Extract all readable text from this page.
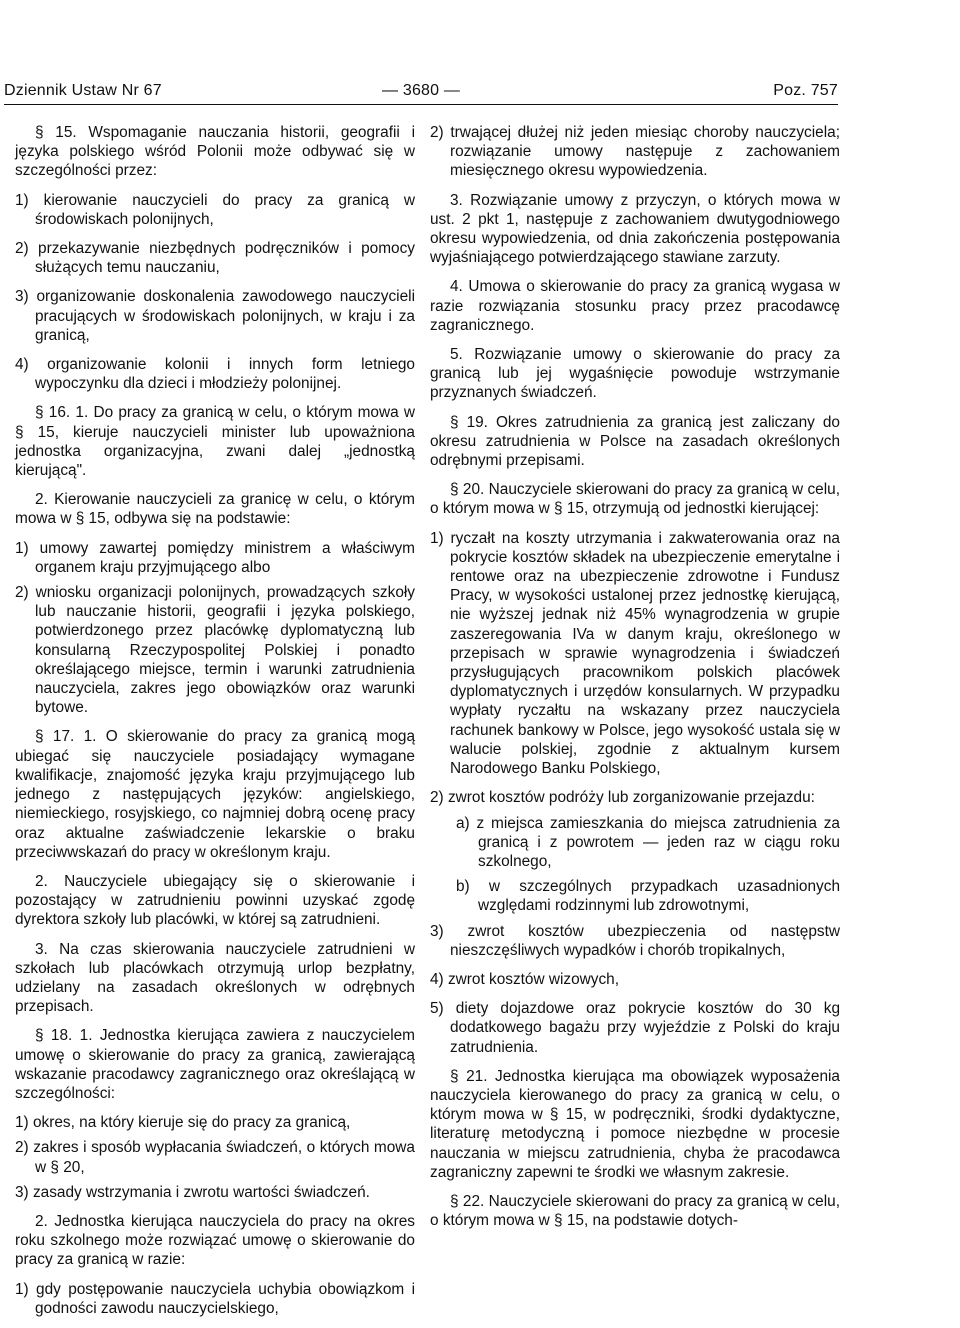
Dziennik Ustaw Nr 67	— 3680 —	Poz. 757

§ 15. Wspomaganie nauczania historii, geografii i języka polskiego wśród Polonii może odbywać się w szczególności przez:

1) kierowanie nauczycieli do pracy za granicą w środowiskach polonijnych,

2) przekazywanie niezbędnych podręczników i pomocy służących temu nauczaniu,

3) organizowanie doskonalenia zawodowego nauczycieli pracujących w środowiskach polonijnych, w kraju i za granicą,

4) organizowanie kolonii i innych form letniego wypoczynku dla dzieci i młodzieży polonijnej.

§ 16. 1. Do pracy za granicą w celu, o którym mowa w § 15, kieruje nauczycieli minister lub upoważniona jednostka organizacyjna, zwani dalej „jednostką kierującą".

2. Kierowanie nauczycieli za granicę w celu, o którym mowa w § 15, odbywa się na podstawie:

1) umowy zawartej pomiędzy ministrem a właściwym organem kraju przyjmującego albo

2) wniosku organizacji polonijnych, prowadzących szkoły lub nauczanie historii, geografii i języka polskiego, potwierdzonego przez placówkę dyplomatyczną lub konsularną Rzeczypospolitej Polskiej i ponadto określającego miejsce, termin i warunki zatrudnienia nauczyciela, zakres jego obowiązków oraz warunki bytowe.

§ 17. 1. O skierowanie do pracy za granicą mogą ubiegać się nauczyciele posiadający wymagane kwalifikacje, znajomość języka kraju przyjmującego lub jednego z następujących języków: angielskiego, niemieckiego, rosyjskiego, co najmniej dobrą ocenę pracy oraz aktualne zaświadczenie lekarskie o braku przeciwwskazań do pracy w określonym kraju.

2. Nauczyciele ubiegający się o skierowanie i pozostający w zatrudnieniu powinni uzyskać zgodę dyrektora szkoły lub placówki, w której są zatrudnieni.

3. Na czas skierowania nauczyciele zatrudnieni w szkołach lub placówkach otrzymują urlop bezpłatny, udzielany na zasadach określonych w odrębnych przepisach.

§ 18. 1. Jednostka kierująca zawiera z nauczycielem umowę o skierowanie do pracy za granicą, zawierającą wskazanie pracodawcy zagranicznego oraz określającą w szczególności:

1) okres, na który kieruje się do pracy za granicą,

2) zakres i sposób wypłacania świadczeń, o których mowa w § 20,

3) zasady wstrzymania i zwrotu wartości świadczeń.

2. Jednostka kierująca nauczyciela do pracy na okres roku szkolnego może rozwiązać umowę o skierowanie do pracy za granicą w razie:

1) gdy postępowanie nauczyciela uchybia obowiązkom i godności zawodu nauczycielskiego,

2) trwającej dłużej niż jeden miesiąc choroby nauczyciela; rozwiązanie umowy następuje z zachowaniem miesięcznego okresu wypowiedzenia.

3. Rozwiązanie umowy z przyczyn, o których mowa w ust. 2 pkt 1, następuje z zachowaniem dwutygodniowego okresu wypowiedzenia, od dnia zakończenia postępowania wyjaśniającego potwierdzającego stawiane zarzuty.

4. Umowa o skierowanie do pracy za granicą wygasa w razie rozwiązania stosunku pracy przez pracodawcę zagranicznego.

5. Rozwiązanie umowy o skierowanie do pracy za granicą lub jej wygaśnięcie powoduje wstrzymanie przyznanych świadczeń.

§ 19. Okres zatrudnienia za granicą jest zaliczany do okresu zatrudnienia w Polsce na zasadach określonych odrębnymi przepisami.

§ 20. Nauczyciele skierowani do pracy za granicą w celu, o którym mowa w § 15, otrzymują od jednostki kierującej:

1) ryczałt na koszty utrzymania i zakwaterowania oraz na pokrycie kosztów składek na ubezpieczenie emerytalne i rentowe oraz na ubezpieczenie zdrowotne i Fundusz Pracy, w wysokości ustalonej przez jednostkę kierującą, nie wyższej jednak niż 45% wynagrodzenia w grupie zaszeregowania IVa w danym kraju, określonego w przepisach w sprawie wynagrodzenia i świadczeń przysługujących pracownikom polskich placówek dyplomatycznych i urzędów konsularnych. W przypadku wypłaty ryczałtu na wskazany przez nauczyciela rachunek bankowy w Polsce, jego wysokość ustala się w walucie polskiej, zgodnie z aktualnym kursem Narodowego Banku Polskiego,

2) zwrot kosztów podróży lub zorganizowanie przejazdu:

a) z miejsca zamieszkania do miejsca zatrudnienia za granicą i z powrotem — jeden raz w ciągu roku szkolnego,

b) w szczególnych przypadkach uzasadnionych względami rodzinnymi lub zdrowotnymi,

3) zwrot kosztów ubezpieczenia od następstw nieszczęśliwych wypadków i chorób tropikalnych,

4) zwrot kosztów wizowych,

5) diety dojazdowe oraz pokrycie kosztów do 30 kg dodatkowego bagażu przy wyjeździe z Polski do kraju zatrudnienia.

§ 21. Jednostka kierująca ma obowiązek wyposażenia nauczyciela kierowanego do pracy za granicą w celu, o którym mowa w § 15, w podręczniki, środki dydaktyczne, literaturę metodyczną i pomoce niezbędne w procesie nauczania w miejscu zatrudnienia, chyba że pracodawca zagraniczny zapewni te środki we własnym zakresie.

§ 22. Nauczyciele skierowani do pracy za granicą w celu, o którym mowa w § 15, na podstawie dotych-
